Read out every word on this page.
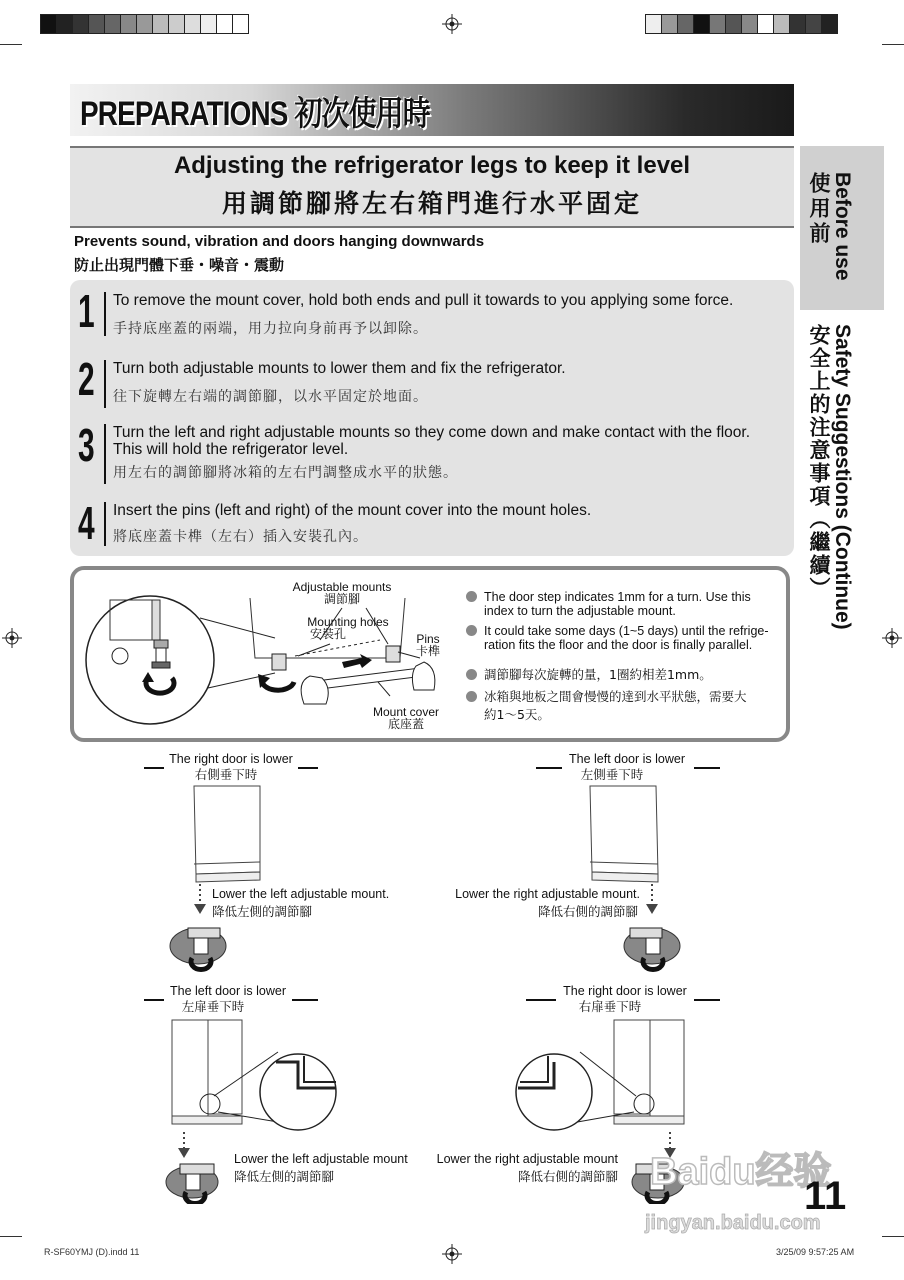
PREPARATIONS 初次使用時
Adjusting the refrigerator legs to keep it level
用調節腳將左右箱門進行水平固定
Prevents sound, vibration and doors hanging downwards
防止出現門體下垂・噪音・震動
1 To remove the mount cover, hold both ends and pull it towards to you applying some force.
手持底座蓋的兩端，用力拉向身前再予以卸除。
2 Turn both adjustable mounts to lower them and fix the refrigerator.
往下旋轉左右端的調節腳，以水平固定於地面。
3 Turn the left and right adjustable mounts so they come down and make contact with the floor. This will hold the refrigerator level.
用左右的調節腳將冰箱的左右門調整成水平的狀態。
4 Insert the pins (left and right) of the mount cover into the mount holes.
將底座蓋卡榫（左右）插入安裝孔內。
Adjustable mounts
調節腳
Mounting holes
安裝孔	Pins
卡榫
Mount cover
底座蓋
The door step indicates 1mm for a turn. Use this index to turn the adjustable mount.
It could take some days (1~5 days) until the refrige-ration fits the floor and the door is finally parallel.
調節腳每次旋轉的量，1圈約相差1mm。
冰箱與地板之間會慢慢的達到水平狀態，需要大約1～5天。
The right door is lower
右側垂下時
Lower the left adjustable mount.
降低左側的調節腳
The left door is lower
左側垂下時
Lower the right adjustable mount.
降低右側的調節腳
The left door is lower
左扉垂下時
Lower the left adjustable mount
降低左側的調節腳
The right door is lower
右扉垂下時
Lower the right adjustable mount
降低右側的調節腳
Before use
使用前
Safety Suggestions (Continue)
安全上的注意事項（繼續）
Baidu经验
jingyan.baidu.com
11
R-SF60YMJ (D).indd 11	3/25/09 9:57:25 AM
